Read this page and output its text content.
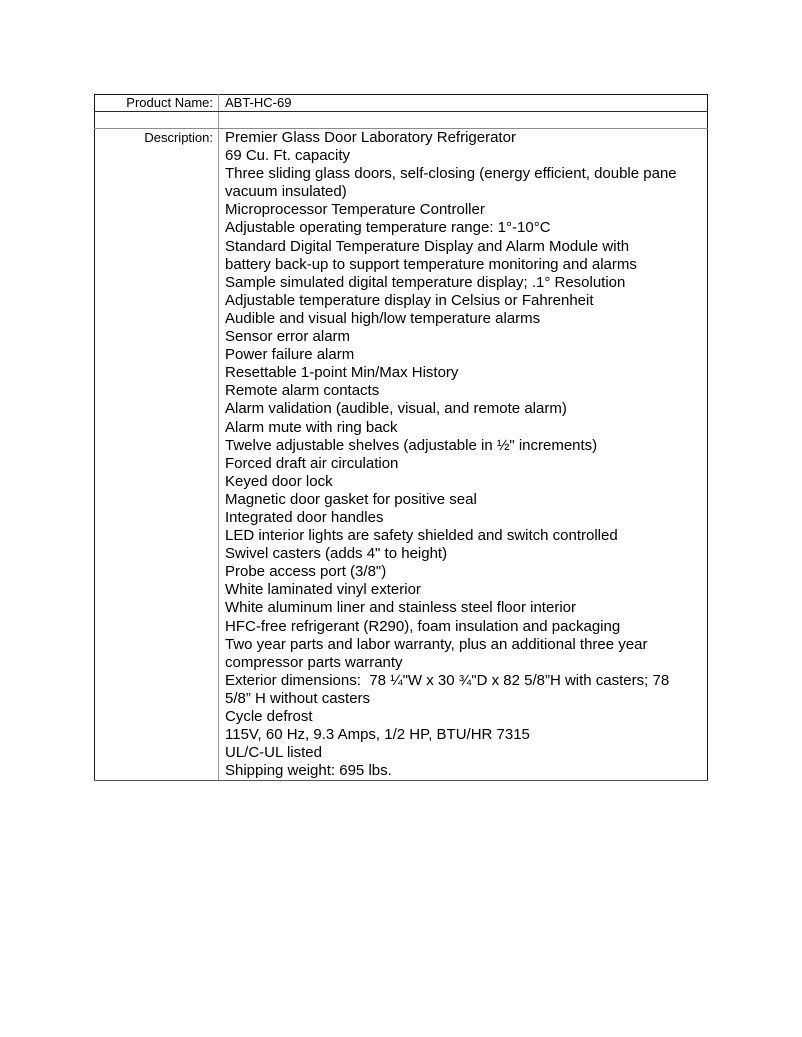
Product Name:	ABT-HC-69

Description:	Premier Glass Door Laboratory Refrigerator
69 Cu. Ft. capacity
Three sliding glass doors, self-closing (energy efficient, double pane
vacuum insulated)
Microprocessor Temperature Controller
Adjustable operating temperature range: 1°-10°C
Standard Digital Temperature Display and Alarm Module with
battery back-up to support temperature monitoring and alarms
Sample simulated digital temperature display; .1° Resolution
Adjustable temperature display in Celsius or Fahrenheit
Audible and visual high/low temperature alarms
Sensor error alarm
Power failure alarm
Resettable 1-point Min/Max History
Remote alarm contacts
Alarm validation (audible, visual, and remote alarm)
Alarm mute with ring back
Twelve adjustable shelves (adjustable in ½" increments)
Forced draft air circulation
Keyed door lock
Magnetic door gasket for positive seal
Integrated door handles
LED interior lights are safety shielded and switch controlled
Swivel casters (adds 4" to height)
Probe access port (3/8")
White laminated vinyl exterior
White aluminum liner and stainless steel floor interior
HFC-free refrigerant (R290), foam insulation and packaging
Two year parts and labor warranty, plus an additional three year
compressor parts warranty
Exterior dimensions:  78 ¼"W x 30 ¾"D x 82 5/8”H with casters; 78
5/8” H without casters
Cycle defrost
115V, 60 Hz, 9.3 Amps, 1/2 HP, BTU/HR 7315
UL/C-UL listed
Shipping weight: 695 lbs.
